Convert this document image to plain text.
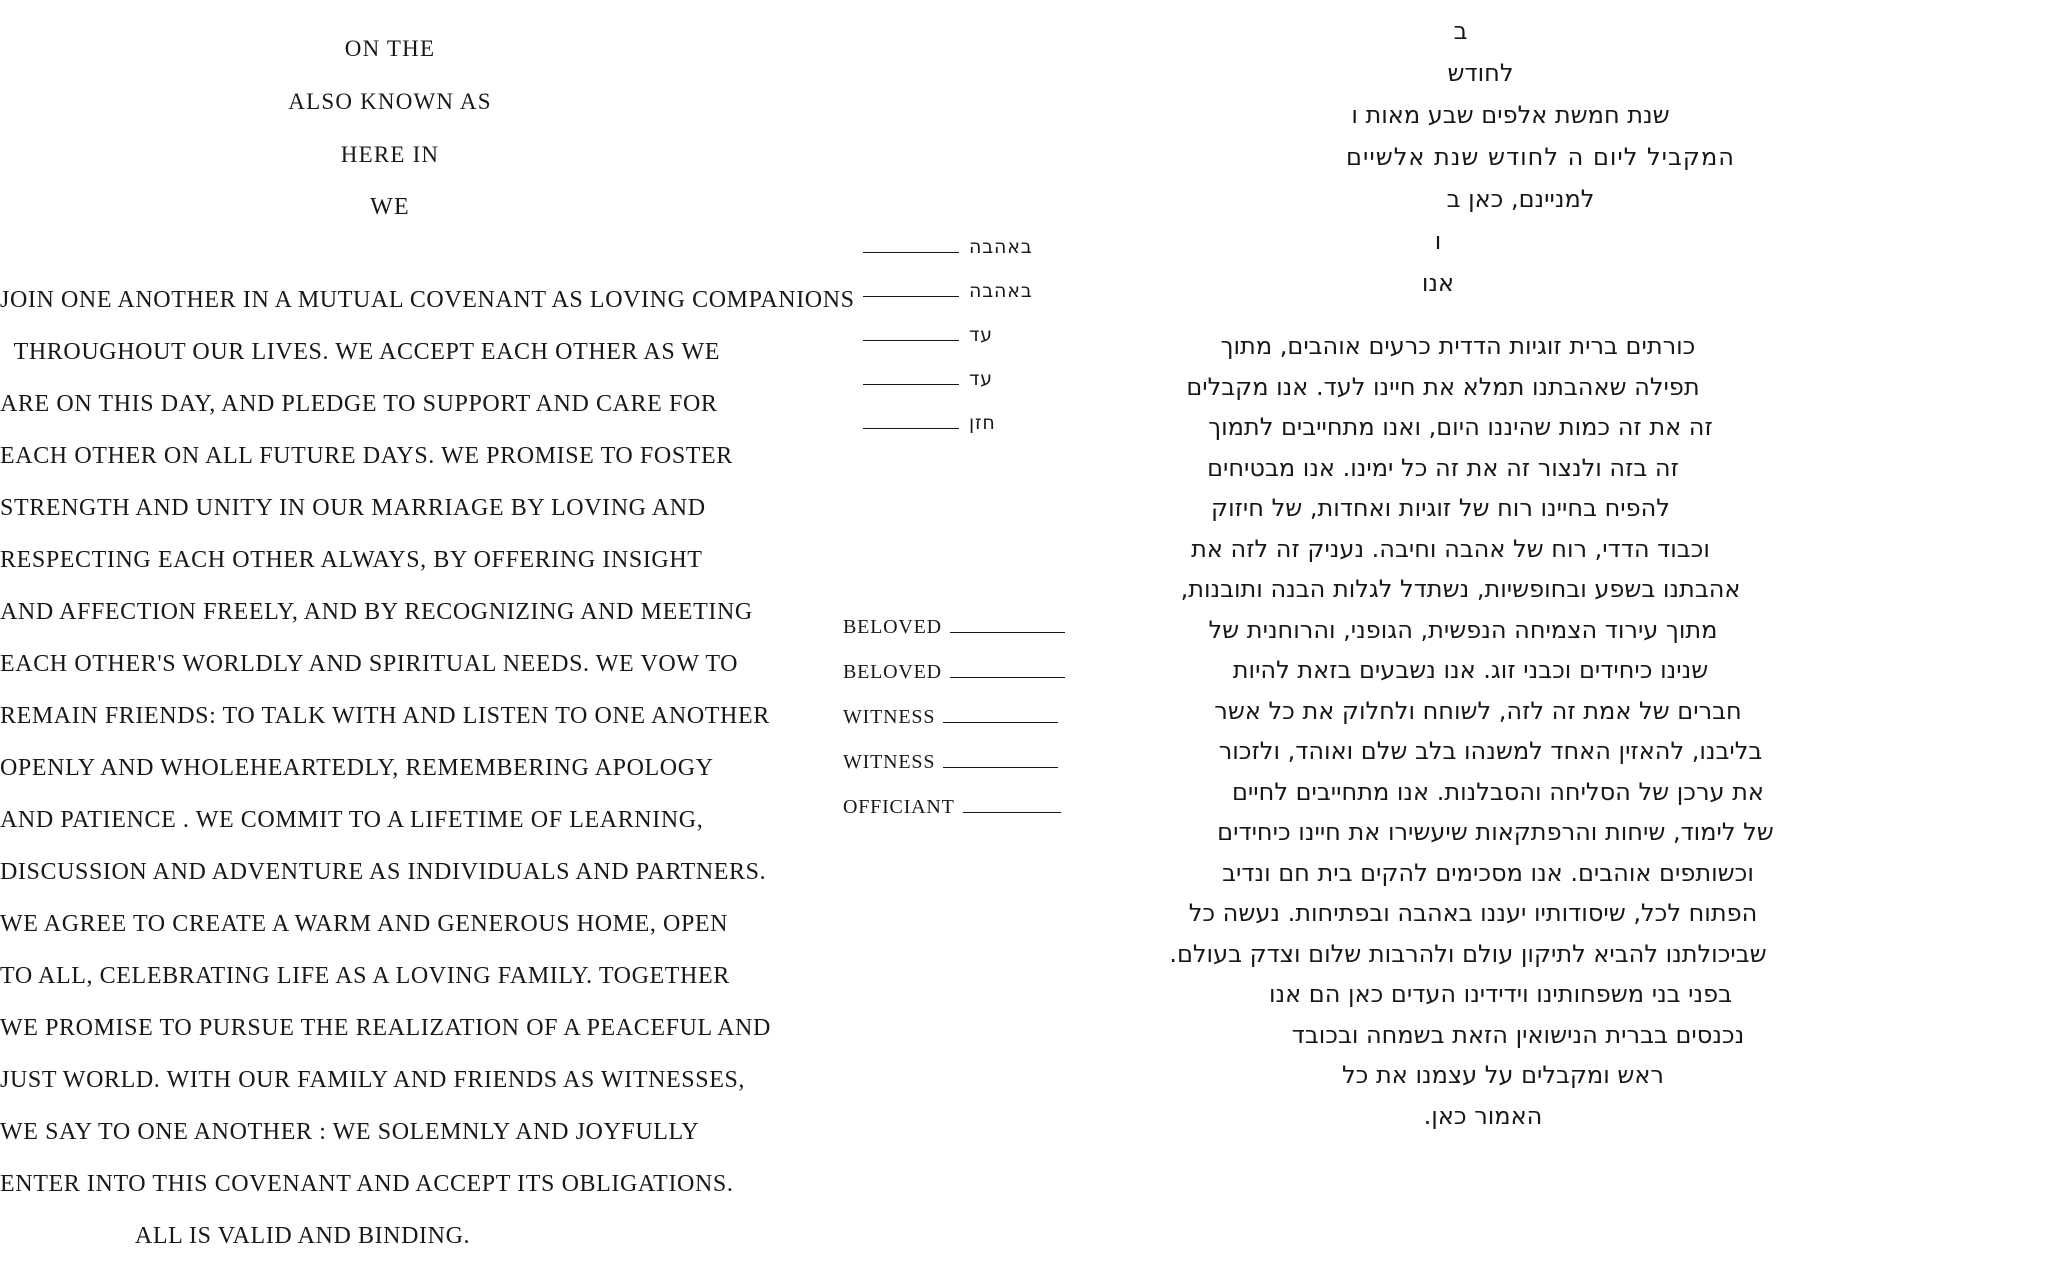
ON THE
ALSO KNOWN AS
HERE IN
WE
JOIN ONE ANOTHER IN A MUTUAL COVENANT AS LOVING COMPANIONS
THROUGHOUT OUR LIVES. WE ACCEPT EACH OTHER AS WE
ARE ON THIS DAY, AND PLEDGE TO SUPPORT AND CARE FOR
EACH OTHER ON ALL FUTURE DAYS. WE PROMISE TO FOSTER
STRENGTH AND UNITY IN OUR MARRIAGE BY LOVING AND
RESPECTING EACH OTHER ALWAYS, BY OFFERING INSIGHT
AND AFFECTION FREELY, AND BY RECOGNIZING AND MEETING
EACH OTHER'S WORLDLY AND SPIRITUAL NEEDS. WE VOW TO
REMAIN FRIENDS: TO TALK WITH AND LISTEN TO ONE ANOTHER
OPENLY AND WHOLEHEARTEDLY, REMEMBERING APOLOGY
AND PATIENCE . WE COMMIT TO A LIFETIME OF LEARNING,
DISCUSSION AND ADVENTURE AS INDIVIDUALS AND PARTNERS.
WE AGREE TO CREATE A WARM AND GENEROUS HOME, OPEN
TO ALL, CELEBRATING LIFE AS A LOVING FAMILY. TOGETHER
WE PROMISE TO PURSUE THE REALIZATION OF A PEACEFUL AND
JUST WORLD. WITH OUR FAMILY AND FRIENDS AS WITNESSES,
WE SAY TO ONE ANOTHER : WE SOLEMNLY AND JOYFULLY
ENTER INTO THIS COVENANT AND ACCEPT ITS OBLIGATIONS.
ALL IS VALID AND BINDING.
באהבה
באהבה
עד
עד
חזן
BELOVED
BELOVED
WITNESS
WITNESS
OFFICIANT
ב
לחודש
שנת חמשת אלפים שבע מאות ו
המקביל ליום ה לחודש שנת אלשיים
למניינם, כאן ב
ו
אנו
כורתים ברית זוגיות הדדית כרעים אוהבים, מתוך
תפילה שאהבתנו תמלא את חיינו לעד. אנו מקבלים
זה את זה כמות שהיננו היום, ואנו מתחייבים לתמוך
זה בזה ולנצור זה את זה כל ימינו. אנו מבטיחים
להפיח בחיינו רוח של זוגיות ואחדות, של חיזוק
וכבוד הדדי, רוח של אהבה וחיבה. נעניק זה לזה את
אהבתנו בשפע ובחופשיות, נשתדל לגלות הבנה ותובנות,
מתוך עירוד הצמיחה הנפשית, הגופני, והרוחנית של
שנינו כיחידים וכבני זוג. אנו נשבעים בזאת להיות
חברים של אמת זה לזה, לשוחח ולחלוק את כל אשר
בליבנו, להאזין האחד למשנהו בלב שלם ואוהד, ולזכור
את ערכן של הסליחה והסבלנות. אנו מתחייבים לחיים
של לימוד, שיחות והרפתקאות שיעשירו את חיינו כיחידים
וכשותפים אוהבים. אנו מסכימים להקים בית חם ונדיב
הפתוח לכל, שיסודותיו יעננו באהבה ובפתיחות. נעשה כל
שביכולתנו להביא לתיקון עולם ולהרבות שלום וצדק בעולם.
בפני בני משפחותינו וידידינו העדים כאן הם אנו
נכנסים בברית הנישואין הזאת בשמחה ובכובד
ראש ומקבלים על עצמנו את כל
האמור כאן.
